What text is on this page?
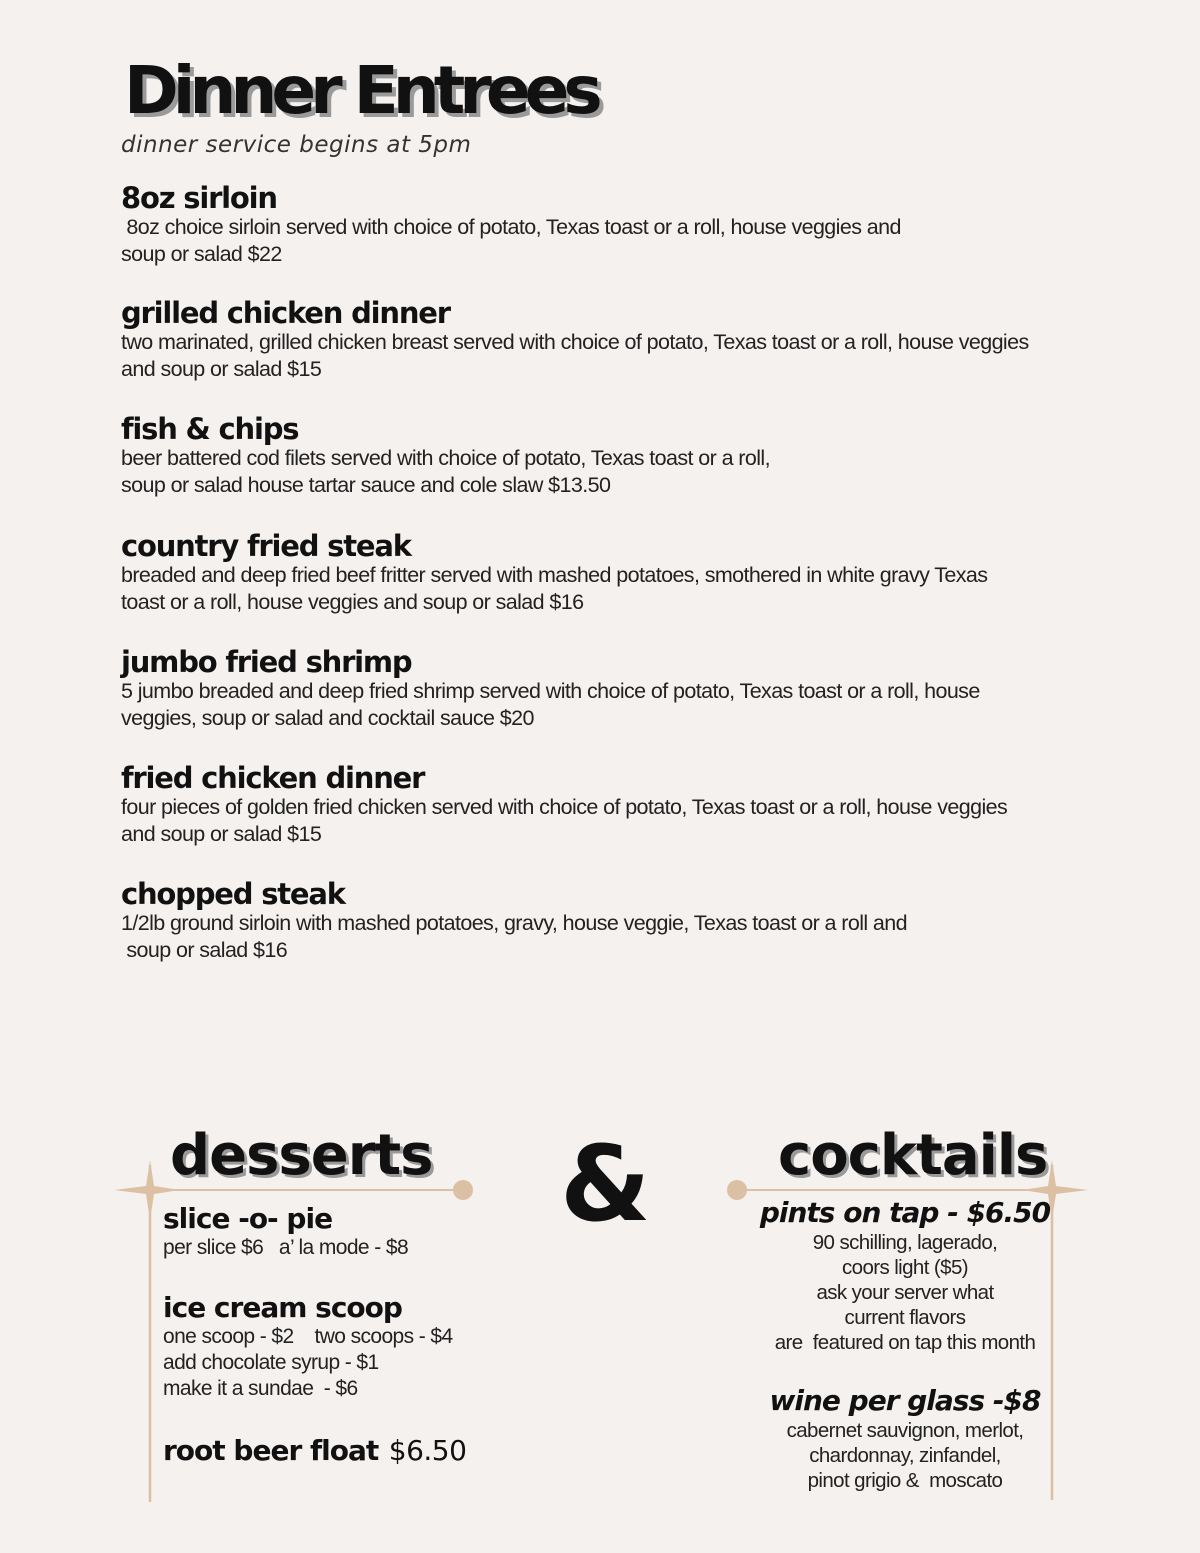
Dinner Entrees
dinner service begins at 5pm
8oz sirloin
8oz choice sirloin served with choice of potato, Texas toast or a roll, house veggies and
soup or salad $22
grilled chicken dinner
two marinated, grilled chicken breast served with choice of potato, Texas toast or a roll, house veggies
and soup or salad $15
fish & chips
beer battered cod filets served with choice of potato, Texas toast or a roll,
soup or salad house tartar sauce and cole slaw $13.50
country fried steak
breaded and deep fried beef fritter served with mashed potatoes, smothered in white gravy Texas
toast or a roll, house veggies and soup or salad $16
jumbo fried shrimp
5 jumbo breaded and deep fried shrimp served with choice of potato, Texas toast or a roll, house
veggies, soup or salad and cocktail sauce $20
fried chicken dinner
four pieces of golden fried chicken served with choice of potato, Texas toast or a roll, house veggies
and soup or salad $15
chopped steak
1/2lb ground sirloin with mashed potatoes, gravy, house veggie, Texas toast or a roll and
soup or salad $16
desserts
slice -o- pie
per slice $6   a’ la mode - $8
ice cream scoop
one scoop - $2    two scoops - $4
add chocolate syrup - $1
make it a sundae  - $6
root beer float $6.50
& cocktails
pints on tap - $6.50
90 schilling, lagerado,
coors light ($5)
ask your server what
current flavors
are  featured on tap this month
wine per glass -$8
cabernet sauvignon, merlot,
chardonnay, zinfandel,
pinot grigio &  moscato
